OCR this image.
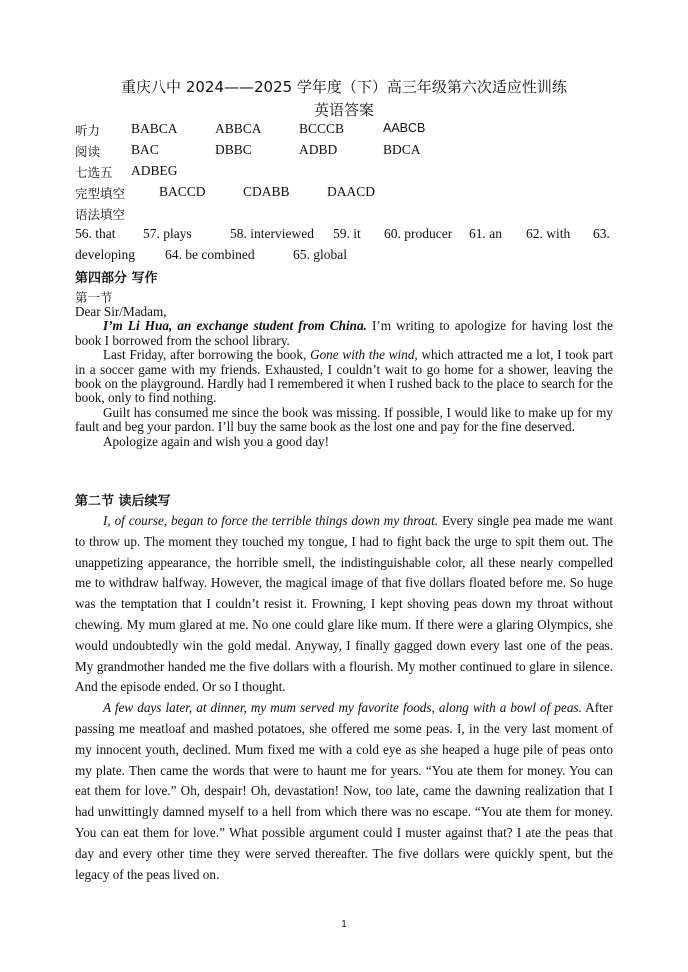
重庆八中 2024——2025 学年度（下）高三年级第六次适应性训练
英语答案
听力 BABCA	ABBCA	BCCCB	AABCB
阅读 BAC	DBBC	ADBD	BDCA
七选五 ADBEG
完型填空	BACCD	CDABB	DAACD
语法填空
56. that 57. plays	58. interviewed 59. it 60. producer 61. an 62. with 63.
developing 64. be combined	65. global
第四部分 写作
第一节

Dear Sir/Madam,

I’m Li Hua, an exchange student from China. I’m writing to apologize for having lost the book I borrowed from the school library.

Last Friday, after borrowing the book, Gone with the wind, which attracted me a lot, I took part in a soccer game with my friends. Exhausted, I couldn’t wait to go home for a shower, leaving the book on the playground. Hardly had I remembered it when I rushed back to the place to search for the book, only to find nothing.

Guilt has consumed me since the book was missing. If possible, I would like to make up for my fault and beg your pardon. I’ll buy the same book as the lost one and pay for the fine deserved.

Apologize again and wish you a good day!

第二节 读后续写

I, of course, began to force the terrible things down my throat. Every single pea made me want to throw up. The moment they touched my tongue, I had to fight back the urge to spit them out. The unappetizing appearance, the horrible smell, the indistinguishable color, all these nearly compelled me to withdraw halfway. However, the magical image of that five dollars floated before me. So huge was the temptation that I couldn’t resist it. Frowning, I kept shoving peas down my throat without chewing. My mum glared at me. No one could glare like mum. If there were a glaring Olympics, she would undoubtedly win the gold medal. Anyway, I finally gagged down every last one of the peas. My grandmother handed me the five dollars with a flourish. My mother continued to glare in silence. And the episode ended. Or so I thought.

A few days later, at dinner, my mum served my favorite foods, along with a bowl of peas. After passing me meatloaf and mashed potatoes, she offered me some peas. I, in the very last moment of my innocent youth, declined. Mum fixed me with a cold eye as she heaped a huge pile of peas onto my plate. Then came the words that were to haunt me for years. “You ate them for money. You can eat them for love.” Oh, despair! Oh, devastation! Now, too late, came the dawning realization that I had unwittingly damned myself to a hell from which there was no escape. “You ate them for money. You can eat them for love.” What possible argument could I muster against that? I ate the peas that day and every other time they were served thereafter. The five dollars were quickly spent, but the legacy of the peas lived on.

1
